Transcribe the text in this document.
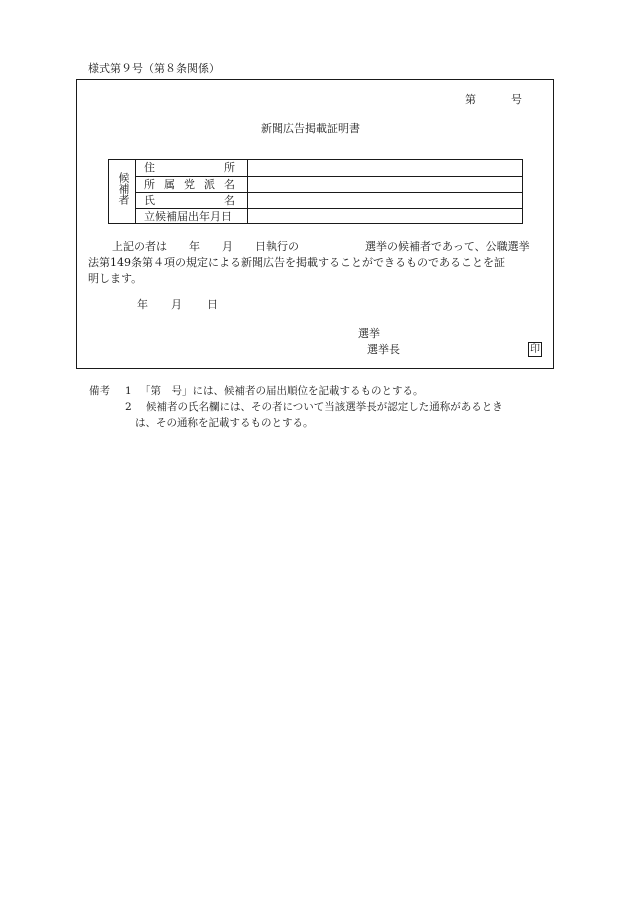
様式第９号（第８条関係）
第	号
新聞広告掲載証明書
候補者
住	所
所 属 党 派 名
氏	名
立候補届出年月日
上記の者は　　年　　月　　日執行の　　　　　　選挙の候補者であって、公職選挙
法第149条第４項の規定による新聞広告を掲載することができるものであることを証
明します。
年 月 日
選挙
選挙長	印
備考 1 「第　号」には、候補者の届出順位を記載するものとする。
2 候補者の氏名欄には、その者について当該選挙長が認定した通称があるとき
は、その通称を記載するものとする。
